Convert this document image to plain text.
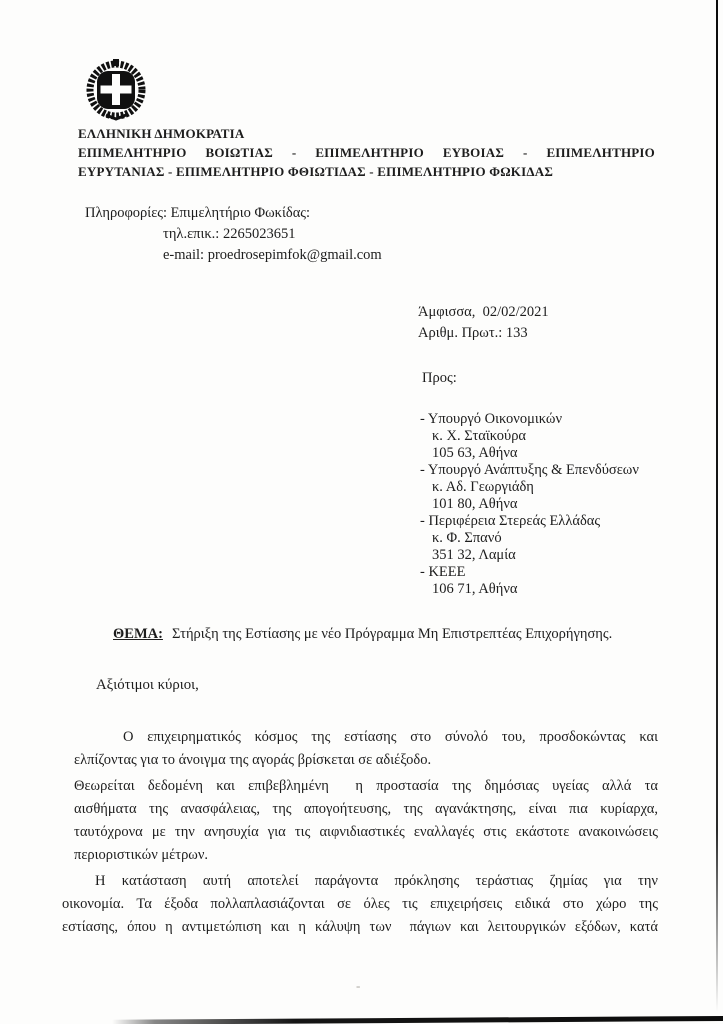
ΕΛΛΗΝΙΚΗ ΔΗΜΟΚΡΑΤΙΑ
ΕΠΙΜΕΛΗΤΗΡΙΟ ΒΟΙΩΤΙΑΣ - ΕΠΙΜΕΛΗΤΗΡΙΟ ΕΥΒΟΙΑΣ - ΕΠΙΜΕΛΗΤΗΡΙΟ
ΕΥΡΥΤΑΝΙΑΣ - ΕΠΙΜΕΛΗΤΗΡΙΟ ΦΘΙΩΤΙΔΑΣ - ΕΠΙΜΕΛΗΤΗΡΙΟ ΦΩΚΙΔΑΣ
Πληροφορίες: Επιμελητήριο Φωκίδας:
τηλ.επικ.: 2265023651
e-mail: proedrosepimfok@gmail.com
Άμφισσα,  02/02/2021
Αριθμ. Πρωτ.: 133
Προς:
- Υπουργό Οικονομικών
κ. Χ. Σταϊκούρα
105 63, Αθήνα
- Υπουργό Ανάπτυξης & Επενδύσεων
κ. Αδ. Γεωργιάδη
101 80, Αθήνα
- Περιφέρεια Στερεάς Ελλάδας
κ. Φ. Σπανό
351 32, Λαμία
- ΚΕΕΕ
106 71, Αθήνα
ΘΕΜΑ: Στήριξη της Εστίασης με νέο Πρόγραμμα Μη Επιστρεπτέας Επιχορήγησης.
Αξιότιμοι κύριοι,
Ο επιχειρηματικός κόσμος της εστίασης στο σύνολό του, προσδοκώντας και
ελπίζοντας για το άνοιγμα της αγοράς βρίσκεται σε αδιέξοδο.
Θεωρείται δεδομένη και επιβεβλημένη  η προστασία της δημόσιας υγείας αλλά τα
αισθήματα της ανασφάλειας, της απογοήτευσης, της αγανάκτησης, είναι πια κυρίαρχα,
ταυτόχρονα με την ανησυχία για τις αιφνιδιαστικές εναλλαγές στις εκάστοτε ανακοινώσεις
περιοριστικών μέτρων.
Η κατάσταση αυτή αποτελεί παράγοντα πρόκλησης τεράστιας ζημίας για την
οικονομία. Τα έξοδα πολλαπλασιάζονται σε όλες τις επιχειρήσεις ειδικά στο χώρο της
εστίασης, όπου η αντιμετώπιση και η κάλυψη των  πάγιων και λειτουργικών εξόδων, κατά
-
